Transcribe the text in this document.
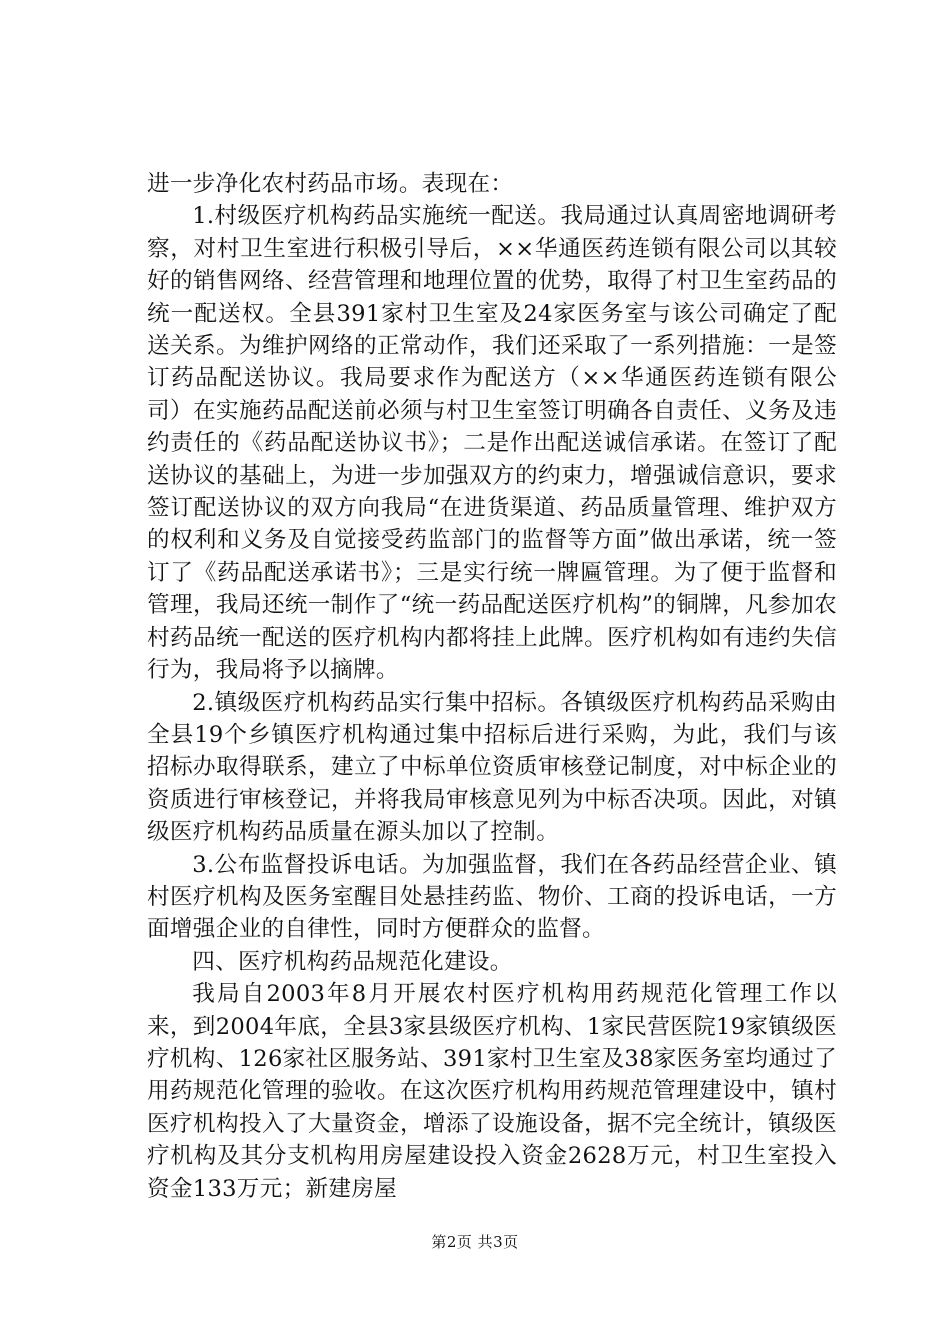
进一步净化农村药品市场。表现在：

1.村级医疗机构药品实施统一配送。我局通过认真周密地调研考察，对村卫生室进行积极引导后，××华通医药连锁有限公司以其较好的销售网络、经营管理和地理位置的优势，取得了村卫生室药品的统一配送权。全县391家村卫生室及24家医务室与该公司确定了配送关系。为维护网络的正常动作，我们还采取了一系列措施：一是签订药品配送协议。我局要求作为配送方（××华通医药连锁有限公司）在实施药品配送前必须与村卫生室签订明确各自责任、义务及违约责任的《药品配送协议书》；二是作出配送诚信承诺。在签订了配送协议的基础上，为进一步加强双方的约束力，增强诚信意识，要求签订配送协议的双方向我局“在进货渠道、药品质量管理、维护双方的权利和义务及自觉接受药监部门的监督等方面”做出承诺，统一签订了《药品配送承诺书》；三是实行统一牌匾管理。为了便于监督和管理，我局还统一制作了“统一药品配送医疗机构”的铜牌，凡参加农村药品统一配送的医疗机构内都将挂上此牌。医疗机构如有违约失信行为，我局将予以摘牌。

2.镇级医疗机构药品实行集中招标。各镇级医疗机构药品采购由全县19个乡镇医疗机构通过集中招标后进行采购，为此，我们与该招标办取得联系，建立了中标单位资质审核登记制度，对中标企业的资质进行审核登记，并将我局审核意见列为中标否决项。因此，对镇级医疗机构药品质量在源头加以了控制。

3.公布监督投诉电话。为加强监督，我们在各药品经营企业、镇村医疗机构及医务室醒目处悬挂药监、物价、工商的投诉电话，一方面增强企业的自律性，同时方便群众的监督。

四、医疗机构药品规范化建设。

我局自2003年8月开展农村医疗机构用药规范化管理工作以来，到2004年底，全县3家县级医疗机构、1家民营医院19家镇级医疗机构、126家社区服务站、391家村卫生室及38家医务室均通过了用药规范化管理的验收。在这次医疗机构用药规范管理建设中，镇村医疗机构投入了大量资金，增添了设施设备，据不完全统计，镇级医疗机构及其分支机构用房屋建设投入资金2628万元，村卫生室投入资金133万元；新建房屋

第2页 共3页
